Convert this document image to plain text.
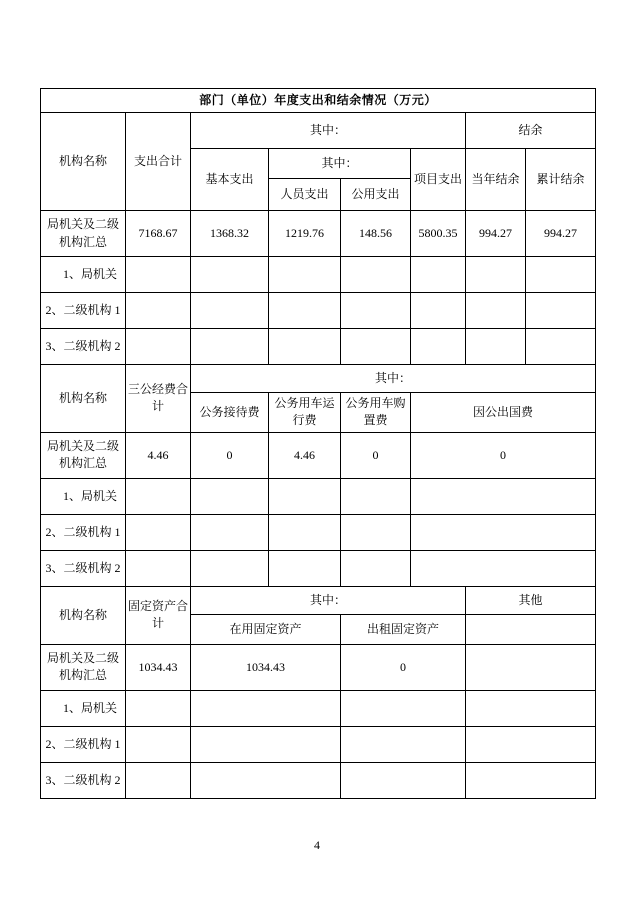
部门（单位）年度支出和结余情况（万元）							
机构名称	支出合计	其中：				结余	
		基本支出	其中：		项目支出	当年结余	累计结余
			人员支出	公用支出			
局机关及二级机构汇总	7168.67	1368.32	1219.76	148.56	5800.35	994.27	994.27
1、局机关							
2、二级机构 1							
3、二级机构 2							
机构名称	三公经费合计	其中：					
		公务接待费	公务用车运行费	公务用车购置费	因公出国费		
局机关及二级机构汇总	4.46	0	4.46	0	0		
1、局机关							
2、二级机构 1							
3、二级机构 2							
机构名称	固定资产合计	其中：				其他	
		在用固定资产		出租固定资产			
局机关及二级机构汇总	1034.43	1034.43		0			
1、局机关							
2、二级机构 1							
3、二级机构 2							
4
